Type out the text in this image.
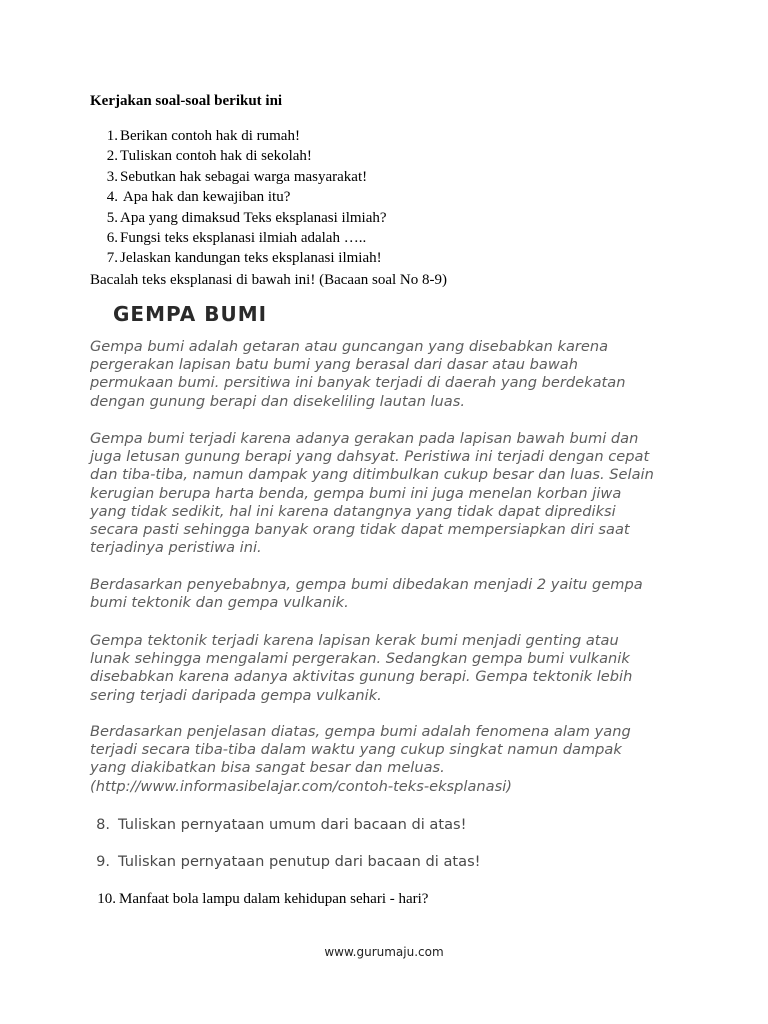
Kerjakan soal-soal berikut ini
1. Berikan contoh hak di rumah!
2. Tuliskan contoh hak di sekolah!
3. Sebutkan hak sebagai warga masyarakat!
4. Apa hak dan kewajiban itu?
5. Apa yang dimaksud Teks eksplanasi ilmiah?
6. Fungsi teks eksplanasi ilmiah adalah …..
7. Jelaskan kandungan teks eksplanasi ilmiah!
Bacalah teks eksplanasi di bawah ini! (Bacaan soal No 8-9)
GEMPA BUMI

Gempa bumi adalah getaran atau guncangan yang disebabkan karena
pergerakan lapisan batu bumi yang berasal dari dasar atau bawah
permukaan bumi. persitiwa ini banyak terjadi di daerah yang berdekatan
dengan gunung berapi dan disekeliling lautan luas.

Gempa bumi terjadi karena adanya gerakan pada lapisan bawah bumi dan
juga letusan gunung berapi yang dahsyat. Peristiwa ini terjadi dengan cepat
dan tiba-tiba, namun dampak yang ditimbulkan cukup besar dan luas. Selain
kerugian berupa harta benda, gempa bumi ini juga menelan korban jiwa
yang tidak sedikit, hal ini karena datangnya yang tidak dapat diprediksi
secara pasti sehingga banyak orang tidak dapat mempersiapkan diri saat
terjadinya peristiwa ini.

Berdasarkan penyebabnya, gempa bumi dibedakan menjadi 2 yaitu gempa
bumi tektonik dan gempa vulkanik.

Gempa tektonik terjadi karena lapisan kerak bumi menjadi genting atau
lunak sehingga mengalami pergerakan. Sedangkan gempa bumi vulkanik
disebabkan karena adanya aktivitas gunung berapi. Gempa tektonik lebih
sering terjadi daripada gempa vulkanik.

Berdasarkan penjelasan diatas, gempa bumi adalah fenomena alam yang
terjadi secara tiba-tiba dalam waktu yang cukup singkat namun dampak
yang diakibatkan bisa sangat besar dan meluas.
(http://www.informasibelajar.com/contoh-teks-eksplanasi)

8. Tuliskan pernyataan umum dari bacaan di atas!
9. Tuliskan pernyataan penutup dari bacaan di atas!
10. Manfaat bola lampu dalam kehidupan sehari - hari?
www.gurumaju.com
